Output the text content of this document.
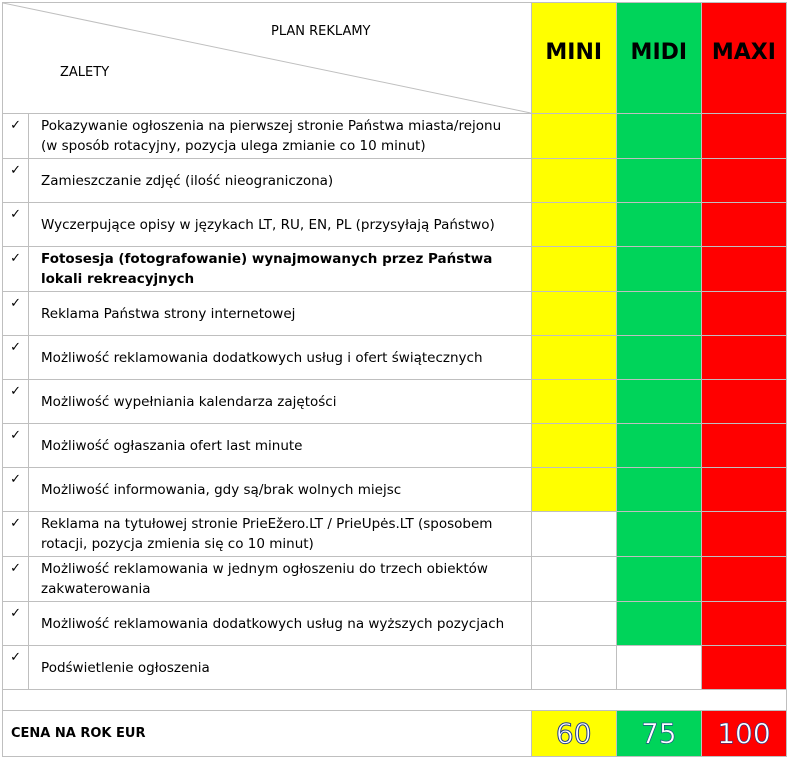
PLAN REKLAMY
ZALETY		MINI	MIDI	MAXI
✓	Pokazywanie ogłoszenia na pierwszej stronie Państwa miasta/rejonu (w sposób rotacyjny, pozycja ulega zmianie co 10 minut)			
✓	Zamieszczanie zdjęć (ilość nieograniczona)			
✓	Wyczerpujące opisy w językach LT, RU, EN, PL (przysyłają Państwo)			
✓	Fotosesja (fotografowanie) wynajmowanych przez Państwa lokali rekreacyjnych			
✓	Reklama Państwa strony internetowej			
✓	Możliwość reklamowania dodatkowych usług i ofert świątecznych			
✓	Możliwość wypełniania kalendarza zajętości			
✓	Możliwość ogłaszania ofert last minute			
✓	Możliwość informowania, gdy są/brak wolnych miejsc			
✓	Reklama na tytułowej stronie PrieEžero.LT / PrieUpės.LT (sposobem rotacji, pozycja zmienia się co 10 minut)			
✓	Możliwość reklamowania w jednym ogłoszeniu do trzech obiektów zakwaterowania			
✓	Możliwość reklamowania dodatkowych usług na wyższych pozycjach			
✓	Podświetlenie ogłoszenia			

CENA NA ROK EUR		60	75	100
